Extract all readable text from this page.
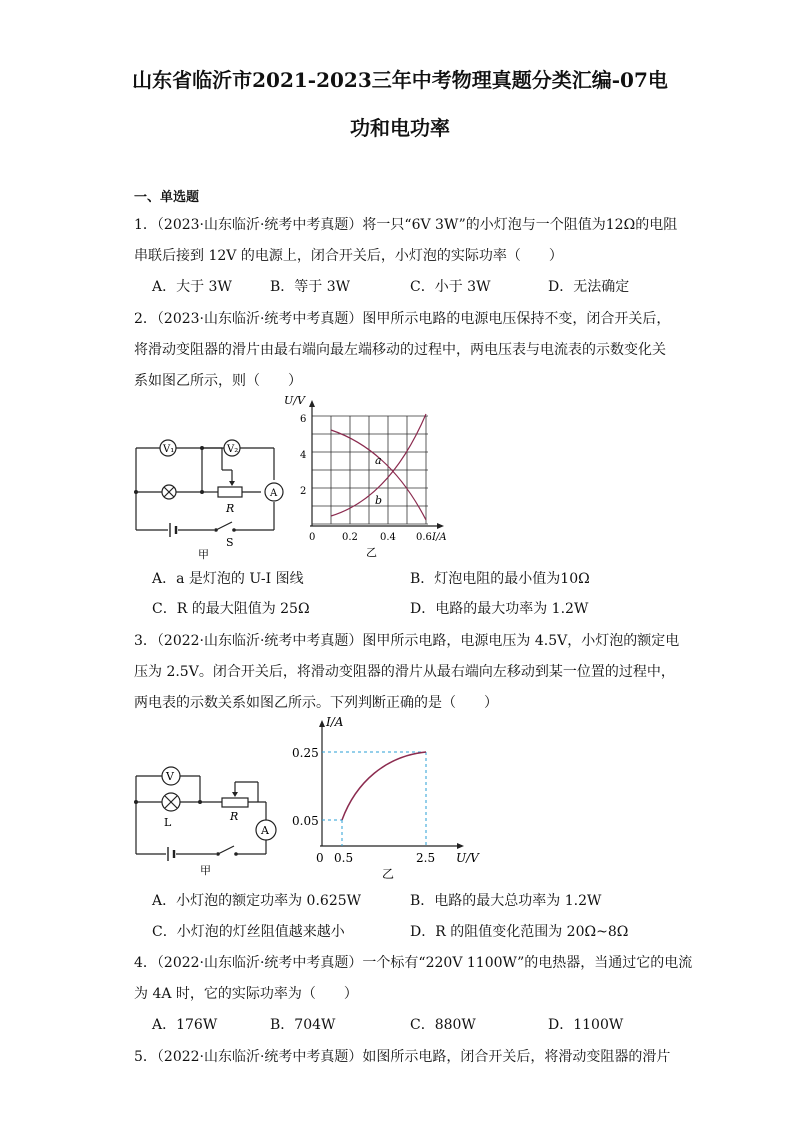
山东省临沂市2021-2023三年中考物理真题分类汇编-07电
功和电功率
一、单选题
1．（2023·山东临沂·统考中考真题）将一只“6V 3W”的小灯泡与一个阻值为12Ω的电阻
串联后接到 12V 的电源上，闭合开关后，小灯泡的实际功率（　　）
A．大于 3W	B．等于 3W	C．小于 3W	D．无法确定
2．（2023·山东临沂·统考中考真题）图甲所示电路的电源电压保持不变，闭合开关后，
将滑动变阻器的滑片由最右端向最左端移动的过程中，两电压表与电流表的示数变化关
系如图乙所示，则（　　）
V₁	V₂
A
R
S
甲
U/V
2
4
6
0	0.2 0.4 0.6 I/A
a
b
乙
A．a 是灯泡的 U-I 图线	B．灯泡电阻的最小值为10Ω
C．R 的最大阻值为 25Ω	D．电路的最大功率为 1.2W
3．（2022·山东临沂·统考中考真题）图甲所示电路，电源电压为 4.5V，小灯泡的额定电
压为 2.5V。闭合开关后，将滑动变阻器的滑片从最右端向左移动到某一位置的过程中，
两电表的示数关系如图乙所示。下列判断正确的是（　　）
V
L	R
A
甲
I/A
0.05
0.25
0 0.5	2.5 U/V
乙
A．小灯泡的额定功率为 0.625W	B．电路的最大总功率为 1.2W
C．小灯泡的灯丝阻值越来越小	D．R 的阻值变化范围为 20Ω~8Ω
4．（2022·山东临沂·统考中考真题）一个标有“220V 1100W”的电热器，当通过它的电流
为 4A 时，它的实际功率为（　　）
A．176W	B．704W	C．880W	D．1100W
5．（2022·山东临沂·统考中考真题）如图所示电路，闭合开关后，将滑动变阻器的滑片
